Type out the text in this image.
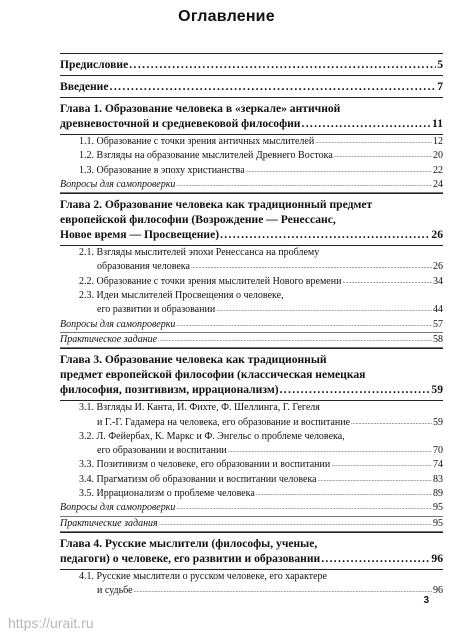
Оглавление
Предисловие .....	5
Введение .....	7
Глава 1. Образование человека в «зеркале» античной
древневосточной и средневековой философии .....	11
1.1. Образование с точки зрения античных мыслителей .....	12
1.2. Взгляды на образование мыслителей Древнего Востока .....	20
1.3. Образование в эпоху христианства .....	22
Вопросы для самопроверки .....	24
Глава 2. Образование человека как традиционный предмет
европейской философии (Возрождение — Ренессанс,
Новое время — Просвещение) .....	26
2.1. Взгляды мыслителей эпохи Ренессанса на проблему
образования человека .....	26
2.2. Образование с точки зрения мыслителей Нового времени .....	34
2.3. Идеи мыслителей Просвещения о человеке,
его развитии и образовании .....	44
Вопросы для самопроверки .....	57
Практическое задание .....	58
Глава 3. Образование человека как традиционный
предмет европейской философии (классическая немецкая
философия, позитивизм, иррационализм) .....	59
3.1. Взгляды И. Канта, И. Фихте, Ф. Шеллинга, Г. Гегеля
и Г.-Г. Гадамера на человека, его образование и воспитание .....	59
3.2. Л. Фейербах, К. Маркс и Ф. Энгельс о проблеме человека,
его образовании и воспитании .....	70
3.3. Позитивизм о человеке, его образовании и воспитании .....	74
3.4. Прагматизм об образовании и воспитании человека .....	83
3.5. Иррационализм о проблеме человека .....	89
Вопросы для самопроверки .....	95
Практические задания .....	95
Глава 4. Русские мыслители (философы, ученые,
педагоги) о человеке, его развитии и образовании .....	96
4.1. Русские мыслители о русском человеке, его характере
и судьбе .....	96
3
https://urait.ru
